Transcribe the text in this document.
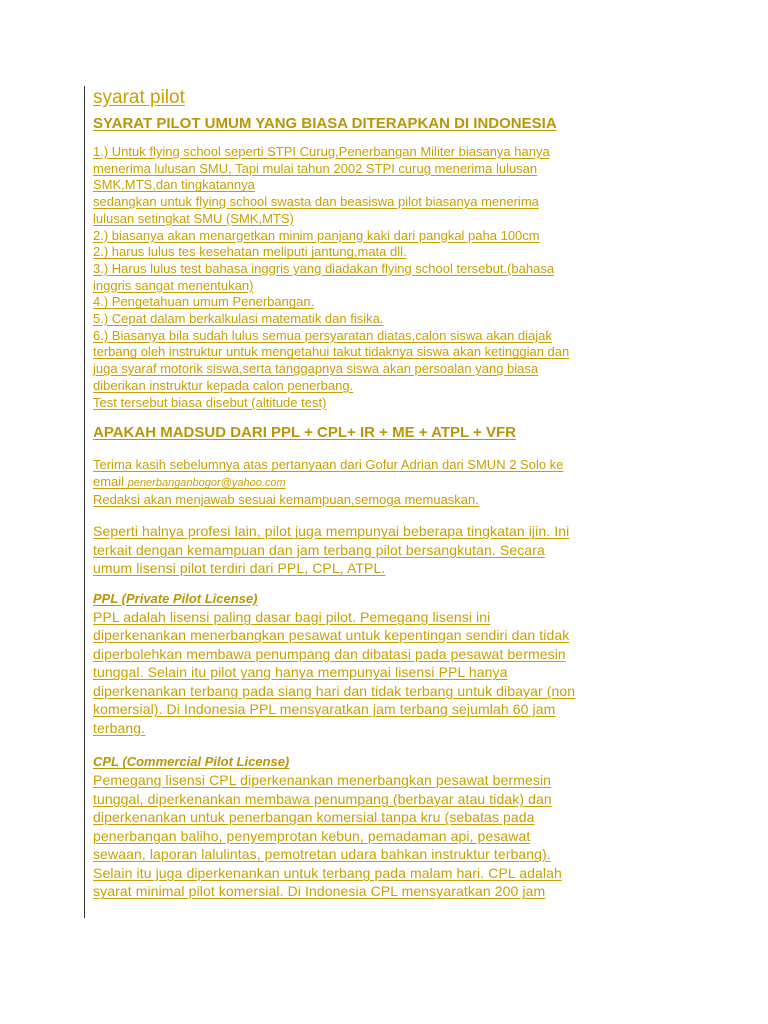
syarat pilot
SYARAT PILOT UMUM YANG BIASA DITERAPKAN DI INDONESIA

1.) Untuk flying school seperti STPI Curug,Penerbangan Militer biasanya hanya

menerima lulusan SMU, Tapi mulai tahun 2002 STPI curug menerima lulusan

SMK,MTS,dan tingkatannya

sedangkan untuk flying school swasta dan beasiswa pilot biasanya menerima

lulusan setingkat SMU (SMK,MTS)

2.) biasanya akan menargetkan minim panjang kaki dari pangkal paha 100cm

2.) harus lulus tes kesehatan meliputi jantung,mata dll.

3.) Harus lulus test bahasa inggris yang diadakan flying school tersebut.(bahasa

inggris sangat menentukan)

4.) Pengetahuan umum Penerbangan.

5.) Cepat dalam berkalkulasi matematik dan fisika.

6.) Biasanya bila sudah lulus semua persyaratan diatas,calon siswa akan diajak

terbang oleh instruktur untuk mengetahui takut tidaknya siswa akan ketinggian dan

juga syaraf motorik siswa,serta tanggapnya siswa akan persoalan yang biasa

diberikan instruktur kepada calon penerbang.

Test tersebut biasa disebut (altitude test)

APAKAH MADSUD DARI PPL + CPL+ IR + ME + ATPL + VFR

Terima kasih sebelumnya atas pertanyaan dari Gofur Adrian dari SMUN 2 Solo ke

email penerbanganbogor@yahoo.com

Redaksi akan menjawab sesuai kemampuan,semoga memuaskan.

Seperti halnya profesi lain, pilot juga mempunyai beberapa tingkatan ijin. Ini

terkait dengan kemampuan dan jam terbang pilot bersangkutan. Secara

umum lisensi pilot terdiri dari PPL, CPL, ATPL.

PPL (Private Pilot License)

PPL adalah lisensi paling dasar bagi pilot. Pemegang lisensi ini

diperkenankan menerbangkan pesawat untuk kepentingan sendiri dan tidak

diperbolehkan membawa penumpang dan dibatasi pada pesawat bermesin

tunggal. Selain itu pilot yang hanya mempunyai lisensi PPL hanya

diperkenankan terbang pada siang hari dan tidak terbang untuk dibayar (non

komersial). Di Indonesia PPL mensyaratkan jam terbang sejumlah 60 jam

terbang.

CPL (Commercial Pilot License)

Pemegang lisensi CPL diperkenankan menerbangkan pesawat bermesin

tunggal, diperkenankan membawa penumpang (berbayar atau tidak) dan

diperkenankan untuk penerbangan komersial tanpa kru (sebatas pada

penerbangan baliho, penyemprotan kebun, pemadaman api, pesawat

sewaan, laporan lalulintas, pemotretan udara bahkan instruktur terbang).

Selain itu juga diperkenankan untuk terbang pada malam hari. CPL adalah

syarat minimal pilot komersial. Di Indonesia CPL mensyaratkan 200 jam
